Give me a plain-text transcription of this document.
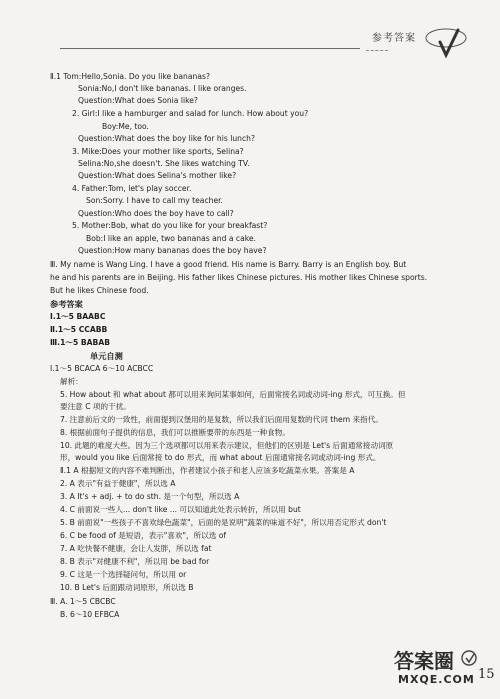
参考答案
Ⅱ.1 Tom:Hello,Sonia. Do you like bananas?
Sonia:No,I don't like bananas. I like oranges.
Question:What does Sonia like?
2. Girl:I like a hamburger and salad for lunch. How about you?
Boy:Me, too.
Question:What does the boy like for his lunch?
3. Mike:Does your mother like sports, Selina?
Selina:No,she doesn't. She likes watching TV.
Question:What does Selina's mother like?
4. Father:Tom, let's play soccer.
Son:Sorry. I have to call my teacher.
Question:Who does the boy have to call?
5. Mother:Bob, what do you like for your breakfast?
Bob:I like an apple, two bananas and a cake.
Question:How many bananas does the boy have?
Ⅲ. My name is Wang Ling. I have a good friend. His name is Barry. Barry is an English boy. But
he and his parents are in Beijing. His father likes Chinese pictures. His mother likes Chinese sports.
But he likes Chinese food.
参考答案
Ⅰ.1～5 BAABC
Ⅱ.1～5 CCABB
Ⅲ.1～5 BABAB
单元自测
Ⅰ.1～5 BCACA 6～10 ACBCC
解析：
5. How about 和 what about 都可以用来询问某事如何，后面常接名词或动词-ing 形式，可互换。但
要注意 C 项的干扰。
7. 注意前后文的一致性，前面提到汉堡用的是复数，所以我们后面用复数的代词 them 来指代。
8. 根据前面句子提供的信息，我们可以推断要带的东西是一种食物。
10. 此题的难度大些。因为三个选项都可以用来表示建议，但他们的区别是 Let's 后面通常接动词原
形，would you like 后面常接 to do 形式，而 what about 后面通常接名词或动词-ing 形式。
Ⅱ.1 A 根据短文的内容不难判断出，作者建议小孩子和老人应该多吃蔬菜水果。答案是 A
2. A 表示"有益于健康"，所以选 A
3. A It's + adj. + to do sth. 是一个句型，所以选 A
4. C 前面说一些人... don't like ... 可以知道此处表示转折，所以用 but
5. B 前面说"一些孩子不喜欢绿色蔬菜"，后面的是说明"蔬菜的味道不好"，所以用否定形式 don't
6. C be food of 是短语，表示"喜欢"，所以选 of
7. A 吃快餐不健康，会让人发胖，所以选 fat
8. B 表示"对健康不利"，所以用 be bad for
9. C 这是一个选择疑问句，所以用 or
10. B Let's 后面跟动词原形，所以选 B
Ⅲ. A. 1～5 CBCBC
B. 6～10 EFBCA
15
答案圈
MXQE.COM
